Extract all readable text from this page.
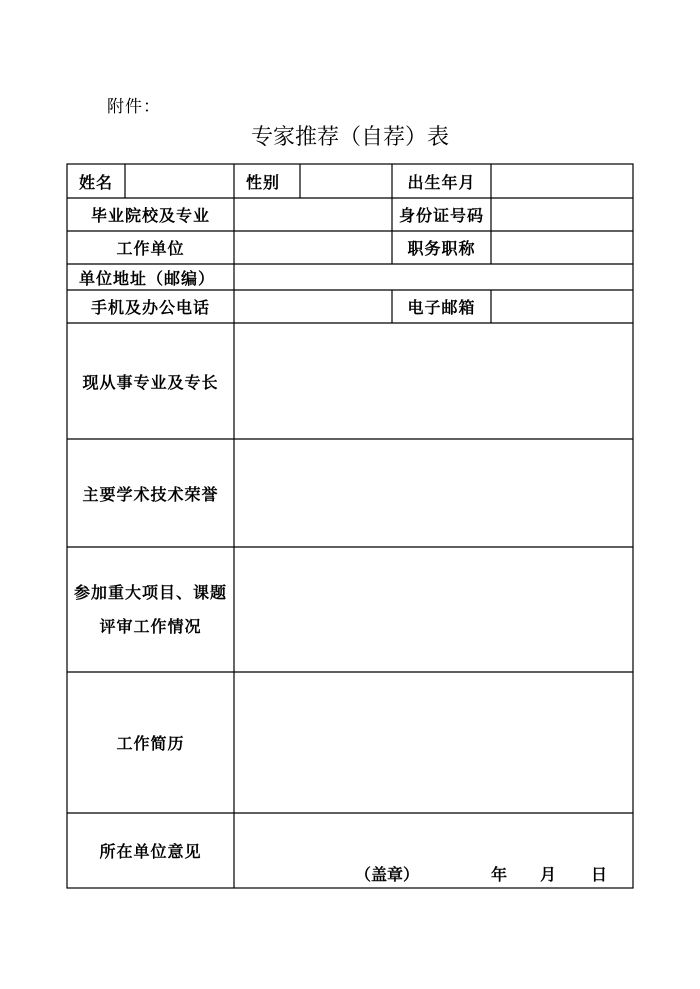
附件：
专家推荐（自荐）表
姓名	性别	出生年月
毕业院校及专业	身份证号码
工作单位	职务职称
单位地址（邮编）
手机及办公电话	电子邮箱
现从事专业及专长
主要学术技术荣誉
参加重大项目、课题
评审工作情况
工作简历
所在单位意见
（盖章）	年 月 日
